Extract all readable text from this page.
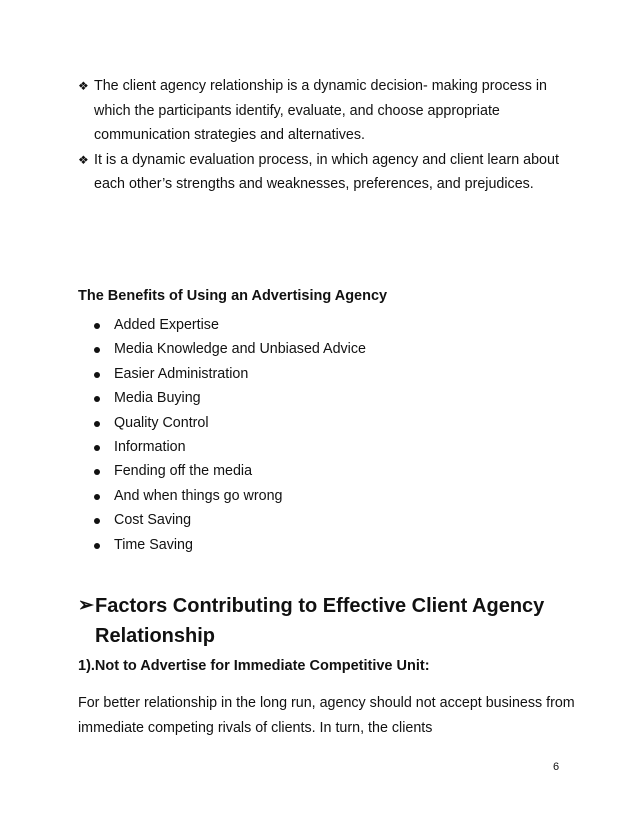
❖ The client agency relationship is a dynamic decision- making process in which the participants identify, evaluate, and choose appropriate communication strategies and alternatives.
❖ It is a dynamic evaluation process, in which agency and client learn about each other’s strengths and weaknesses, preferences, and prejudices.
The Benefits of Using an Advertising Agency
Added Expertise
Media Knowledge and Unbiased Advice
Easier Administration
Media Buying
Quality Control
Information
Fending off the media
And when things go wrong
Cost Saving
Time Saving
➢ Factors Contributing to Effective Client Agency Relationship
1).Not to Advertise for Immediate Competitive Unit:
For better relationship in the long run, agency should not accept business from immediate competing rivals of clients. In turn, the clients
6
